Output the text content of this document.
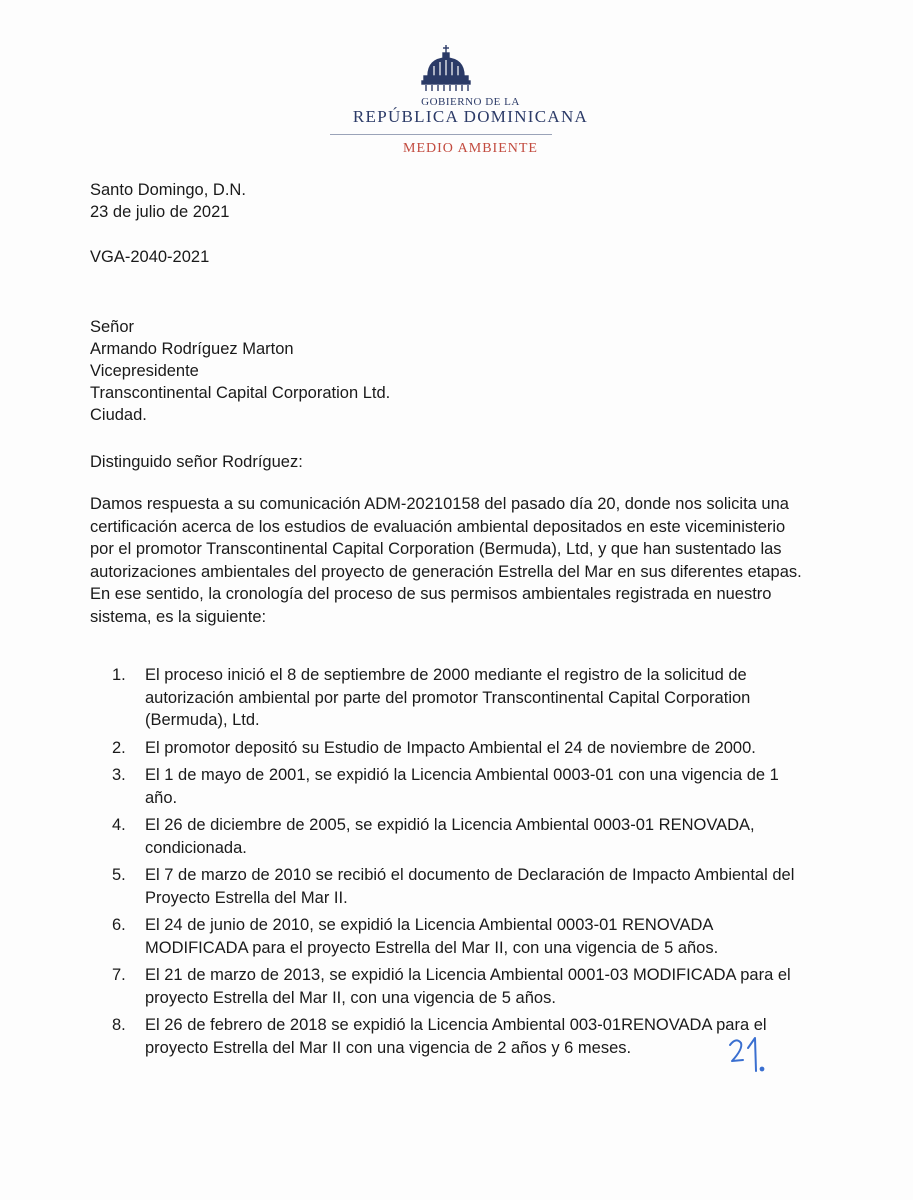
GOBIERNO DE LA
REPÚBLICA DOMINICANA
MEDIO AMBIENTE
Santo Domingo, D.N.
23 de julio de 2021
VGA-2040-2021
Señor
Armando Rodríguez Marton
Vicepresidente
Transcontinental Capital Corporation Ltd.
Ciudad.
Distinguido señor Rodríguez:
Damos respuesta a su comunicación ADM-20210158 del pasado día 20, donde nos solicita una
certificación acerca de los estudios de evaluación ambiental depositados en este viceministerio
por el promotor Transcontinental Capital Corporation (Bermuda), Ltd, y que han sustentado las
autorizaciones ambientales del proyecto de generación Estrella del Mar en sus diferentes etapas.
En ese sentido, la cronología del proceso de sus permisos ambientales registrada en nuestro
sistema, es la siguiente:
1. El proceso inició el 8 de septiembre de 2000 mediante el registro de la solicitud de
autorización ambiental por parte del promotor Transcontinental Capital Corporation
(Bermuda), Ltd.
2. El promotor depositó su Estudio de Impacto Ambiental el 24 de noviembre de 2000.
3. El 1 de mayo de 2001, se expidió la Licencia Ambiental 0003-01 con una vigencia de 1
año.
4. El 26 de diciembre de 2005, se expidió la Licencia Ambiental 0003-01 RENOVADA,
condicionada.
5. El 7 de marzo de 2010 se recibió el documento de Declaración de Impacto Ambiental del
Proyecto Estrella del Mar II.
6. El 24 de junio de 2010, se expidió la Licencia Ambiental 0003-01 RENOVADA
MODIFICADA para el proyecto Estrella del Mar II, con una vigencia de 5 años.
7. El 21 de marzo de 2013, se expidió la Licencia Ambiental 0001-03 MODIFICADA para el
proyecto Estrella del Mar II, con una vigencia de 5 años.
8. El 26 de febrero de 2018 se expidió la Licencia Ambiental 003-01RENOVADA para el
proyecto Estrella del Mar II con una vigencia de 2 años y 6 meses.
